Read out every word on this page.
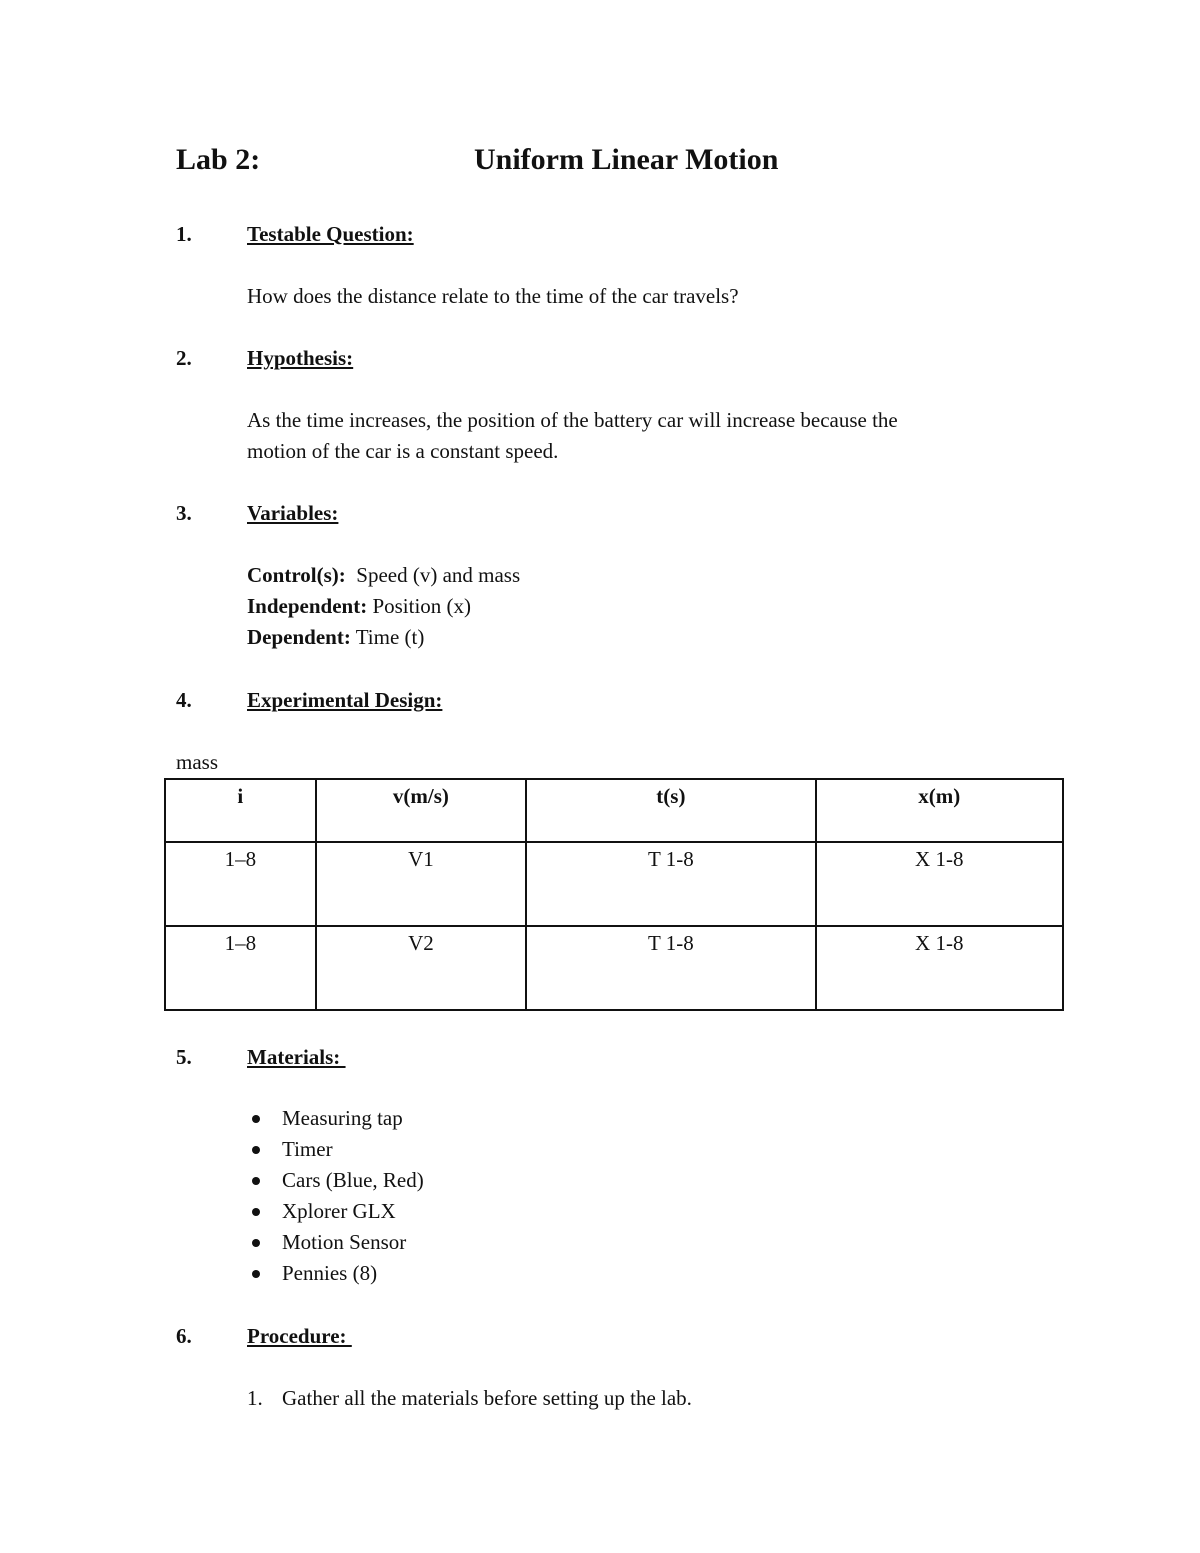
Lab 2:	Uniform Linear Motion
1.	Testable Question:
How does the distance relate to the time of the car travels?
2.	Hypothesis:
As the time increases, the position of the battery car will increase because the
motion of the car is a constant speed.
3.	Variables:
Control(s): Speed (v) and mass
Independent: Position (x)
Dependent: Time (t)
4.	Experimental Design:
mass
i	v(m/s)	t(s)	x(m)
1–8	V1	T 1-8	X 1-8
1–8	V2	T 1-8	X 1-8
5.	Materials:
Measuring tap
Timer
Cars (Blue, Red)
Xplorer GLX
Motion Sensor
Pennies (8)
6.	Procedure:
1. Gather all the materials before setting up the lab.
